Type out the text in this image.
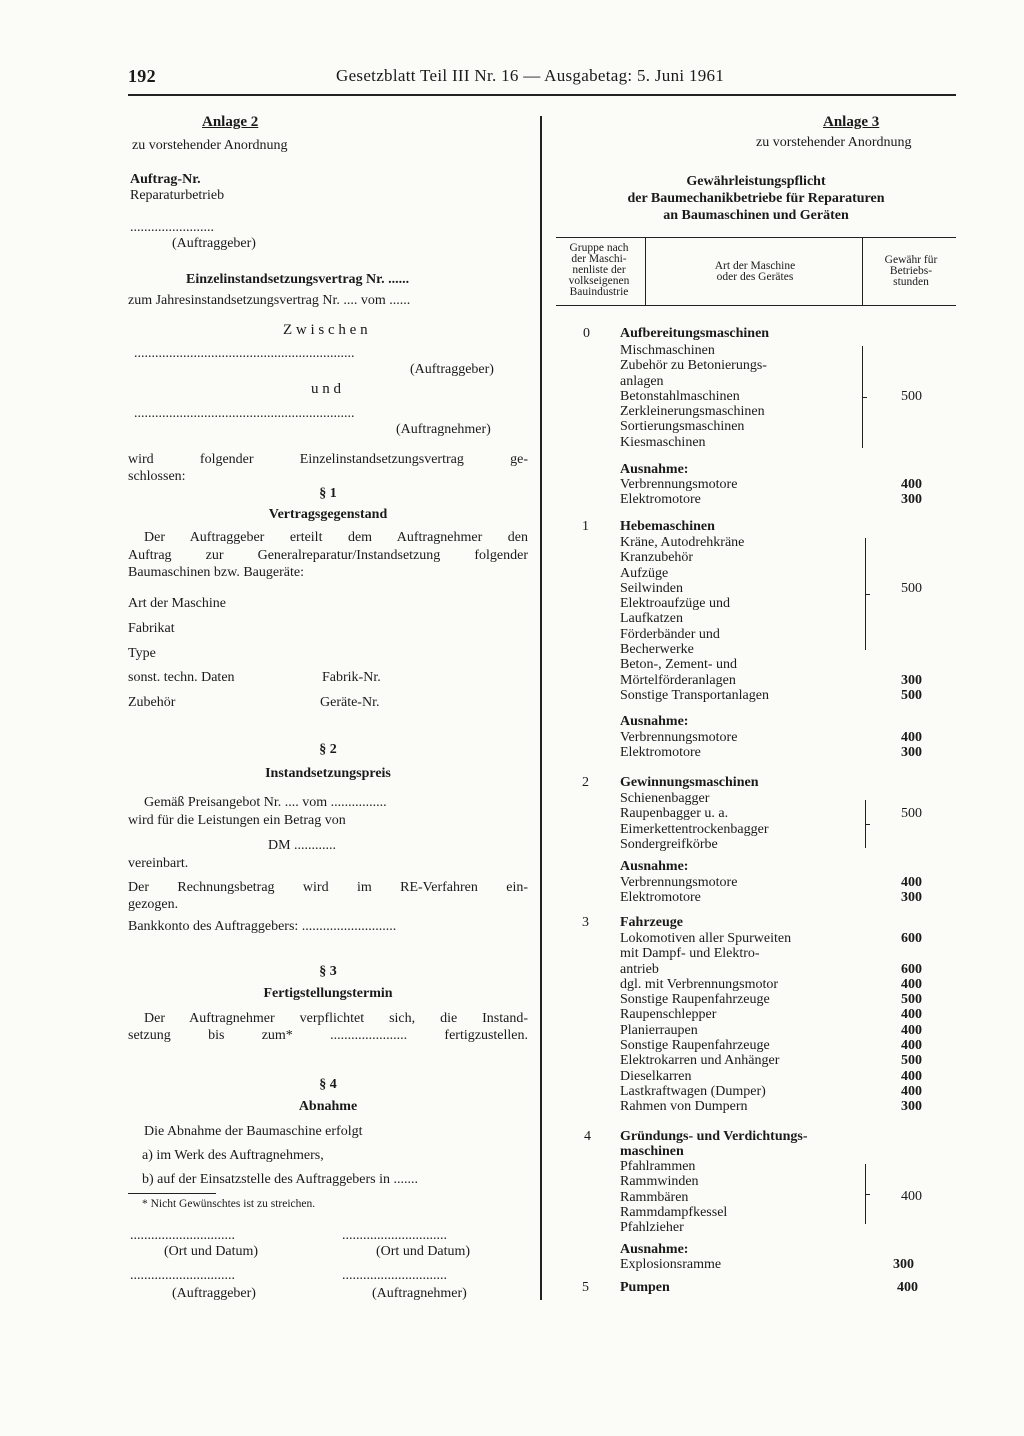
192	Gesetzblatt Teil III Nr. 16 — Ausgabetag: 5. Juni 1961
Anlage 2
zu vorstehender Anordnung
Auftrag-Nr.
Reparaturbetrieb
........................
(Auftraggeber)
Einzelinstandsetzungsvertrag Nr. ......
zum Jahresinstandsetzungsvertrag Nr. .... vom ......
Z w i s c h e n
...............................................................
(Auftraggeber)
u n d
...............................................................
(Auftragnehmer)
wird folgender Einzelinstandsetzungsvertrag ge-
schlossen:
§ 1
Vertragsgegenstand
Der Auftraggeber erteilt dem Auftragnehmer den
Auftrag zur Generalreparatur/Instandsetzung folgender
Baumaschinen bzw. Baugeräte:
Art der Maschine
Fabrikat
Type
sonst. techn. Daten	Fabrik-Nr.
Zubehör	Geräte-Nr.
§ 2
Instandsetzungspreis
Gemäß Preisangebot Nr. .... vom ................
wird für die Leistungen ein Betrag von
DM ............
vereinbart.
Der Rechnungsbetrag wird im RE-Verfahren ein-
gezogen.
Bankkonto des Auftraggebers: ...........................
§ 3
Fertigstellungstermin
Der Auftragnehmer verpflichtet sich, die Instand-
setzung bis zum* ...................... fertigzustellen.
§ 4
Abnahme
Die Abnahme der Baumaschine erfolgt
a) im Werk des Auftragnehmers,
b) auf der Einsatzstelle des Auftraggebers in .......
* Nicht Gewünschtes ist zu streichen.
..............................	..............................
(Ort und Datum)	(Ort und Datum)
..............................	..............................
(Auftraggeber)	(Auftragnehmer)
Anlage 3
zu vorstehender Anordnung
Gewährleistungspflicht
der Baumechanikbetriebe für Reparaturen
an Baumaschinen und Geräten
Gruppe nach
der Maschi-
nenliste der
volkseigenen
Bauindustrie
Art der Maschine
oder des Gerätes
Gewähr für
Betriebs-
stunden
0 Aufbereitungsmaschinen
Mischmaschinen
Zubehör zu Betonierungs-
anlagen
Betonstahlmaschinen
Zerkleinerungsmaschinen
Sortierungsmaschinen
Kiesmaschinen
500
Ausnahme:
Verbrennungsmotore	400
Elektromotore	300
1 Hebemaschinen
Kräne, Autodrehkräne
Kranzubehör
Aufzüge
Seilwinden
Elektroaufzüge und
Laufkatzen
Förderbänder und
Becherwerke
500
Beton-, Zement- und
Mörtelförderanlagen	300
Sonstige Transportanlagen	500
Ausnahme:
Verbrennungsmotore	400
Elektromotore	300
2 Gewinnungsmaschinen
Schienenbagger
Raupenbagger u. a.
Eimerkettentrockenbagger
Sondergreifkörbe
500
Ausnahme:
Verbrennungsmotore	400
Elektromotore	300
3 Fahrzeuge
Lokomotiven aller Spurweiten	600
mit Dampf- und Elektro-
antrieb	600
dgl. mit Verbrennungsmotor	400
Sonstige Raupenfahrzeuge	500
Raupenschlepper	400
Planierraupen	400
Sonstige Raupenfahrzeuge	400
Elektrokarren und Anhänger	500
Dieselkarren	400
Lastkraftwagen (Dumper)	400
Rahmen von Dumpern	300
4 Gründungs- und Verdichtungs-
maschinen
Pfahlrammen
Rammwinden
Rammbären
Rammdampfkessel
Pfahlzieher
400
Ausnahme:
Explosionsramme	300
5 Pumpen	400
